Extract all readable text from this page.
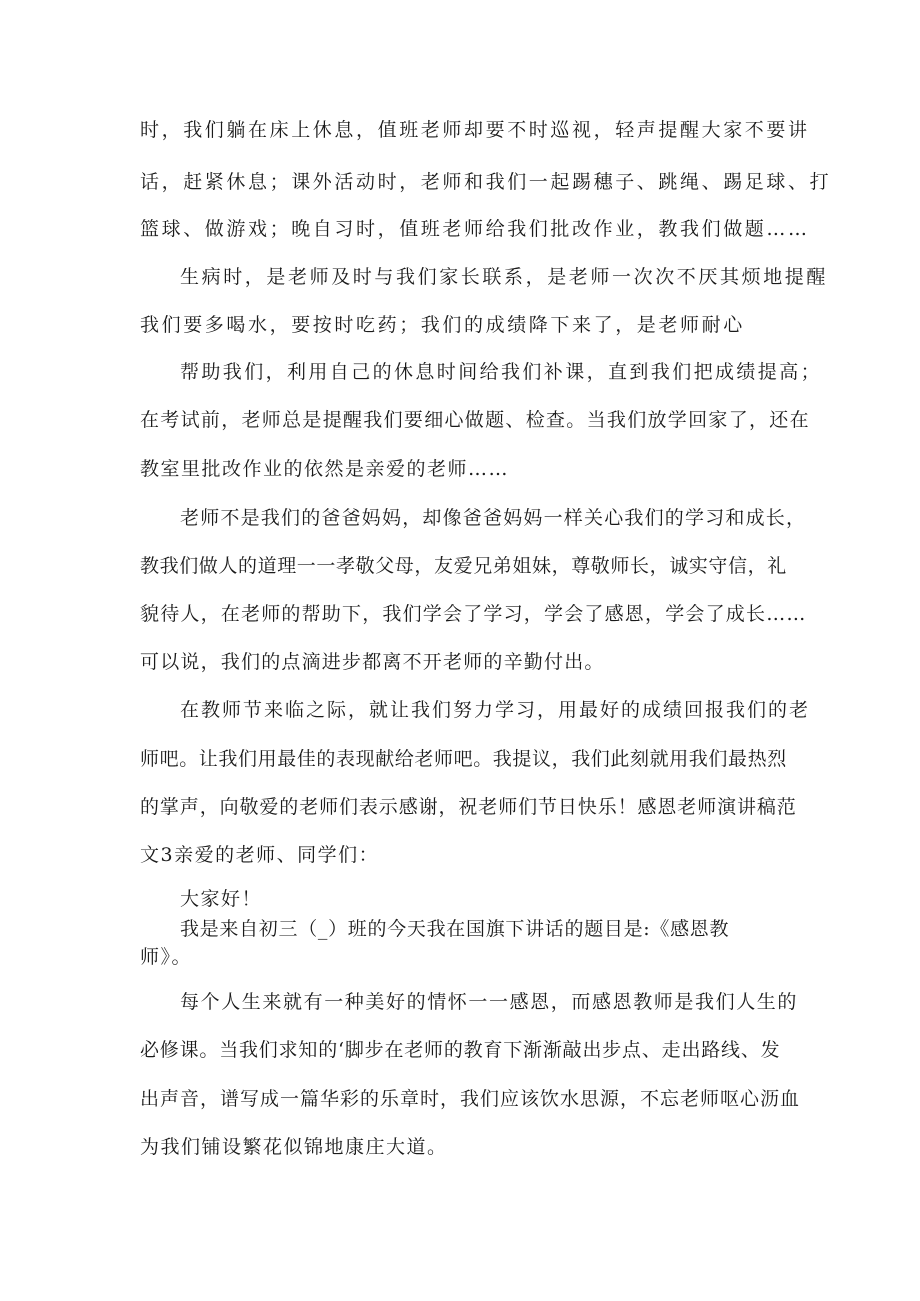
时，我们躺在床上休息，值班老师却要不时巡视，轻声提醒大家不要讲
话，赶紧休息；课外活动时，老师和我们一起踢穗子、跳绳、踢足球、打
篮球、做游戏；晚自习时，值班老师给我们批改作业，教我们做题……
生病时，是老师及时与我们家长联系，是老师一次次不厌其烦地提醒
我们要多喝水，要按时吃药；我们的成绩降下来了，是老师耐心
帮助我们，利用自己的休息时间给我们补课，直到我们把成绩提高；
在考试前，老师总是提醒我们要细心做题、检查。当我们放学回家了，还在
教室里批改作业的依然是亲爱的老师……
老师不是我们的爸爸妈妈，却像爸爸妈妈一样关心我们的学习和成长，
教我们做人的道理一一孝敬父母，友爱兄弟姐妹，尊敬师长，诚实守信，礼
貌待人，在老师的帮助下，我们学会了学习，学会了感恩，学会了成长……
可以说，我们的点滴进步都离不开老师的辛勤付出。
在教师节来临之际，就让我们努力学习，用最好的成绩回报我们的老
师吧。让我们用最佳的表现献给老师吧。我提议，我们此刻就用我们最热烈
的掌声，向敬爱的老师们表示感谢，祝老师们节日快乐！感恩老师演讲稿范
文3亲爱的老师、同学们：
大家好！
我是来自初三（_）班的今天我在国旗下讲话的题目是:《感恩教
师》。
每个人生来就有一种美好的情怀一一感恩，而感恩教师是我们人生的
必修课。当我们求知的‘脚步在老师的教育下渐渐敲出步点、走出路线、发
出声音，谱写成一篇华彩的乐章时，我们应该饮水思源，不忘老师呕心沥血
为我们铺设繁花似锦地康庄大道。
